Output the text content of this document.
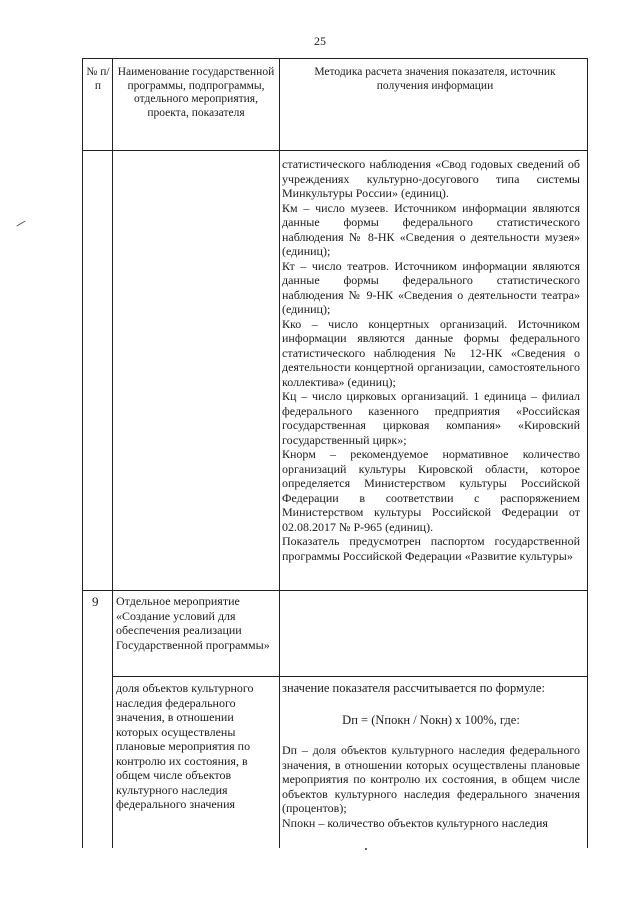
25
№ п/п
Наименование государственной программы, подпрограммы, отдельного мероприятия, проекта, показателя
Методика расчета значения показателя, источник получения информации

статистического наблюдения «Свод годовых сведений об учреждениях культурно-досугового типа системы Минкультуры России» (единиц).

Км – число музеев. Источником информации являются данные формы федерального статистического наблюдения № 8-НК «Сведения о деятельности музея» (единиц);

Кт – число театров. Источником информации являются данные формы федерального статистического наблюдения № 9-НК «Сведения о деятельности театра» (единиц);

Кко – число концертных организаций. Источником информации являются данные формы федерального статистического наблюдения № 12-НК «Сведения о деятельности концертной организации, самостоятельного коллектива» (единиц);

Кц – число цирковых организаций. 1 единица – филиал федерального казенного предприятия «Российская государственная цирковая компания» «Кировский государственный цирк»;

Кнорм – рекомендуемое нормативное количество организаций культуры Кировской области, которое определяется Министерством культуры Российской Федерации в соответствии с распоряжением Министерством культуры Российской Федерации от 02.08.2017 № Р-965 (единиц).

Показатель предусмотрен паспортом государственной программы Российской Федерации «Развитие культуры»

9 Отдельное мероприятие «Создание условий для обеспечения реализации Государственной программы»
доля объектов культурного наследия федерального значения, в отношении которых осуществлены плановые мероприятия по контролю их состояния, в общем числе объектов культурного наследия федерального значения

значение показателя рассчитывается по формуле:

Dп = (Nпокн / Nокн) x 100%, где:

Dп – доля объектов культурного наследия федерального значения, в отношении которых осуществлены плановые мероприятия по контролю их состояния, в общем числе объектов культурного наследия федерального значения (процентов);

Nпокн – количество объектов культурного наследия
